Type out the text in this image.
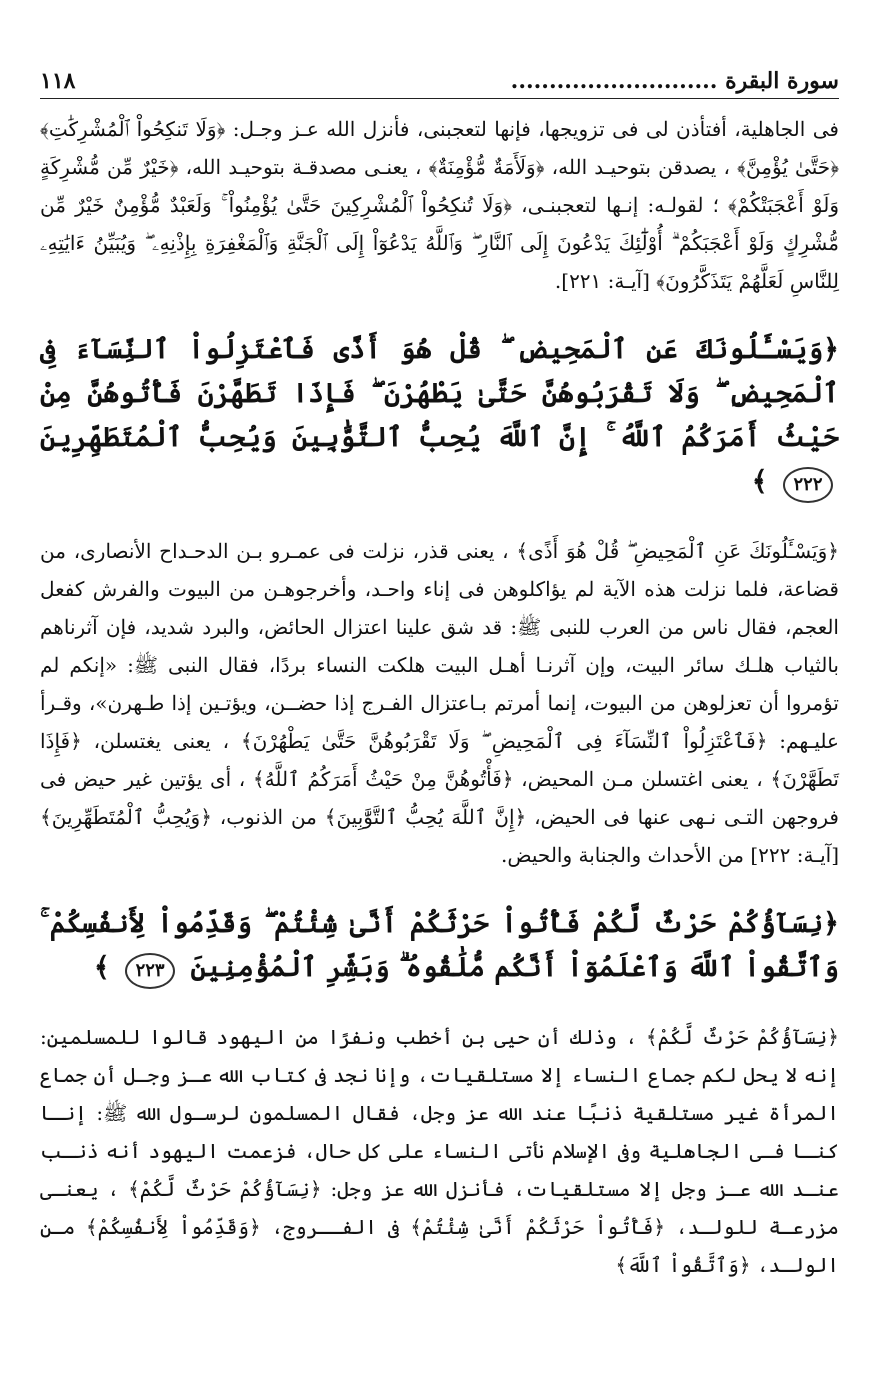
١١٨	سورة البقرة ...........................

فى الجاهلية، أفتأذن لى فى تزويجها، فإنها لتعجبنى، فأنزل الله عـز وجـل: ﴿وَلَا تَنكِحُواْ ٱلْمُشْرِكَٰتِ﴾ ﴿حَتَّىٰ يُؤْمِنَّ﴾ ، يصدقن بتوحيـد الله، ﴿وَلَأَمَةٌ مُّؤْمِنَةٌ﴾ ، يعنـى مصدقـة بتوحيـد الله، ﴿خَيْرٌ مِّن مُّشْرِكَةٍ وَلَوْ أَعْجَبَتْكُمْ﴾ ؛ لقولـه: إنـها لتعجبنـى، ﴿وَلَا تُنكِحُواْ ٱلْمُشْرِكِينَ حَتَّىٰ يُؤْمِنُواْ ۚ وَلَعَبْدٌ مُّؤْمِنٌ خَيْرٌ مِّن مُّشْرِكٍ وَلَوْ أَعْجَبَكُمْ ۗ أُوْلَٰٓئِكَ يَدْعُونَ إِلَى ٱلنَّارِ ۖ وَٱللَّهُ يَدْعُوٓاْ إِلَى ٱلْجَنَّةِ وَٱلْمَغْفِرَةِ بِإِذْنِهِۦ ۖ وَيُبَيِّنُ ءَايَٰتِهِۦ لِلنَّاسِ لَعَلَّهُمْ يَتَذَكَّرُونَ﴾ [آيـة: ٢٢١].

﴿وَيَسْـَٔلُونَكَ عَنِ ٱلْمَحِيضِ ۖ قُلْ هُوَ أَذًى فَٱعْتَزِلُواْ ٱلنِّسَآءَ فِى ٱلْمَحِيضِ ۖ وَلَا تَقْرَبُوهُنَّ حَتَّىٰ يَطْهُرْنَ ۖ فَإِذَا تَطَهَّرْنَ فَأْتُوهُنَّ مِنْ حَيْثُ أَمَرَكُمُ ٱللَّهُ ۚ إِنَّ ٱللَّهَ يُحِبُّ ٱلتَّوَّٰبِينَ وَيُحِبُّ ٱلْمُتَطَهِّرِينَ ٢٢٢ ﴾

﴿وَيَسْـَٔلُونَكَ عَنِ ٱلْمَحِيضِ ۖ قُلْ هُوَ أَذًى﴾ ، يعنى قذر، نزلت فى عمـرو بـن الدحـداح الأنصارى، من قضاعة، فلما نزلت هذه الآية لم يؤاكلوهن فى إناء واحـد، وأخرجوهـن من البيوت والفرش كفعل العجم، فقال ناس من العرب للنبى ﷺ: قد شق علينا اعتزال الحائض، والبرد شديد، فإن آثرناهم بالثياب هلـك سائر البيت، وإن آثرنـا أهـل البيت هلكت النساء بردًا، فقال النبى ﷺ: «إنكم لم تؤمروا أن تعزلوهن من البيوت، إنما أمرتم بـاعتزال الفـرج إذا حضــن، ويؤتـين إذا طـهرن»، وقـرأ عليـهم: ﴿فَٱعْتَزِلُواْ ٱلنِّسَآءَ فِى ٱلْمَحِيضِ ۖ وَلَا تَقْرَبُوهُنَّ حَتَّىٰ يَطْهُرْنَ﴾ ، يعنى يغتسلن، ﴿فَإِذَا تَطَهَّرْنَ﴾ ، يعنى اغتسلن مـن المحيض، ﴿فَأْتُوهُنَّ مِنْ حَيْثُ أَمَرَكُمُ ٱللَّهُ﴾ ، أى يؤتين غير حيض فى فروجهن التـى نـهى عنها فى الحيض، ﴿إِنَّ ٱللَّهَ يُحِبُّ ٱلتَّوَّٰبِينَ﴾ من الذنوب، ﴿وَيُحِبُّ ٱلْمُتَطَهِّرِينَ﴾ [آيـة: ٢٢٢] من الأحداث والجنابة والحيض.

﴿نِسَآؤُكُمْ حَرْثٌ لَّكُمْ فَأْتُواْ حَرْثَكُمْ أَنَّىٰ شِئْتُمْ ۖ وَقَدِّمُواْ لِأَنفُسِكُمْ ۚ وَٱتَّقُواْ ٱللَّهَ وَٱعْلَمُوٓاْ أَنَّكُم مُّلَٰقُوهُ ۗ وَبَشِّرِ ٱلْمُؤْمِنِينَ ٢٢٣ ﴾

﴿نِسَآؤُكُمْ حَرْثٌ لَّكُمْ﴾ ، وذلك أن حيى بن أخطب ونفرًا من اليهود قالوا للمسلمين: إنه لا يحل لكم جماع النساء إلا مستلقيات، وإنا نجد فى كتاب الله عـز وجـل أن جماع المرأة غير مستلقية ذنبًا عند الله عز وجل، فقال المسلمون لرسـول الله ﷺ: إنـا كنـا فـى الجاهلية وفى الإسلام نأتى النساء على كل حال، فزعمت اليهود أنه ذنـب عنـد الله عـز وجل إلا مستلقيات، فأنزل الله عز وجل: ﴿نِسَآؤُكُمْ حَرْثٌ لَّكُمْ﴾ ، يعنـى مزرعـة للولـد، ﴿فَأْتُواْ حَرْثَكُمْ أَنَّىٰ شِئْتُمْ﴾ فى الفــروج، ﴿وَقَدِّمُواْ لِأَنفُسِكُمْ﴾ مـن الولـد، ﴿وَٱتَّقُواْ ٱللَّهَ﴾
